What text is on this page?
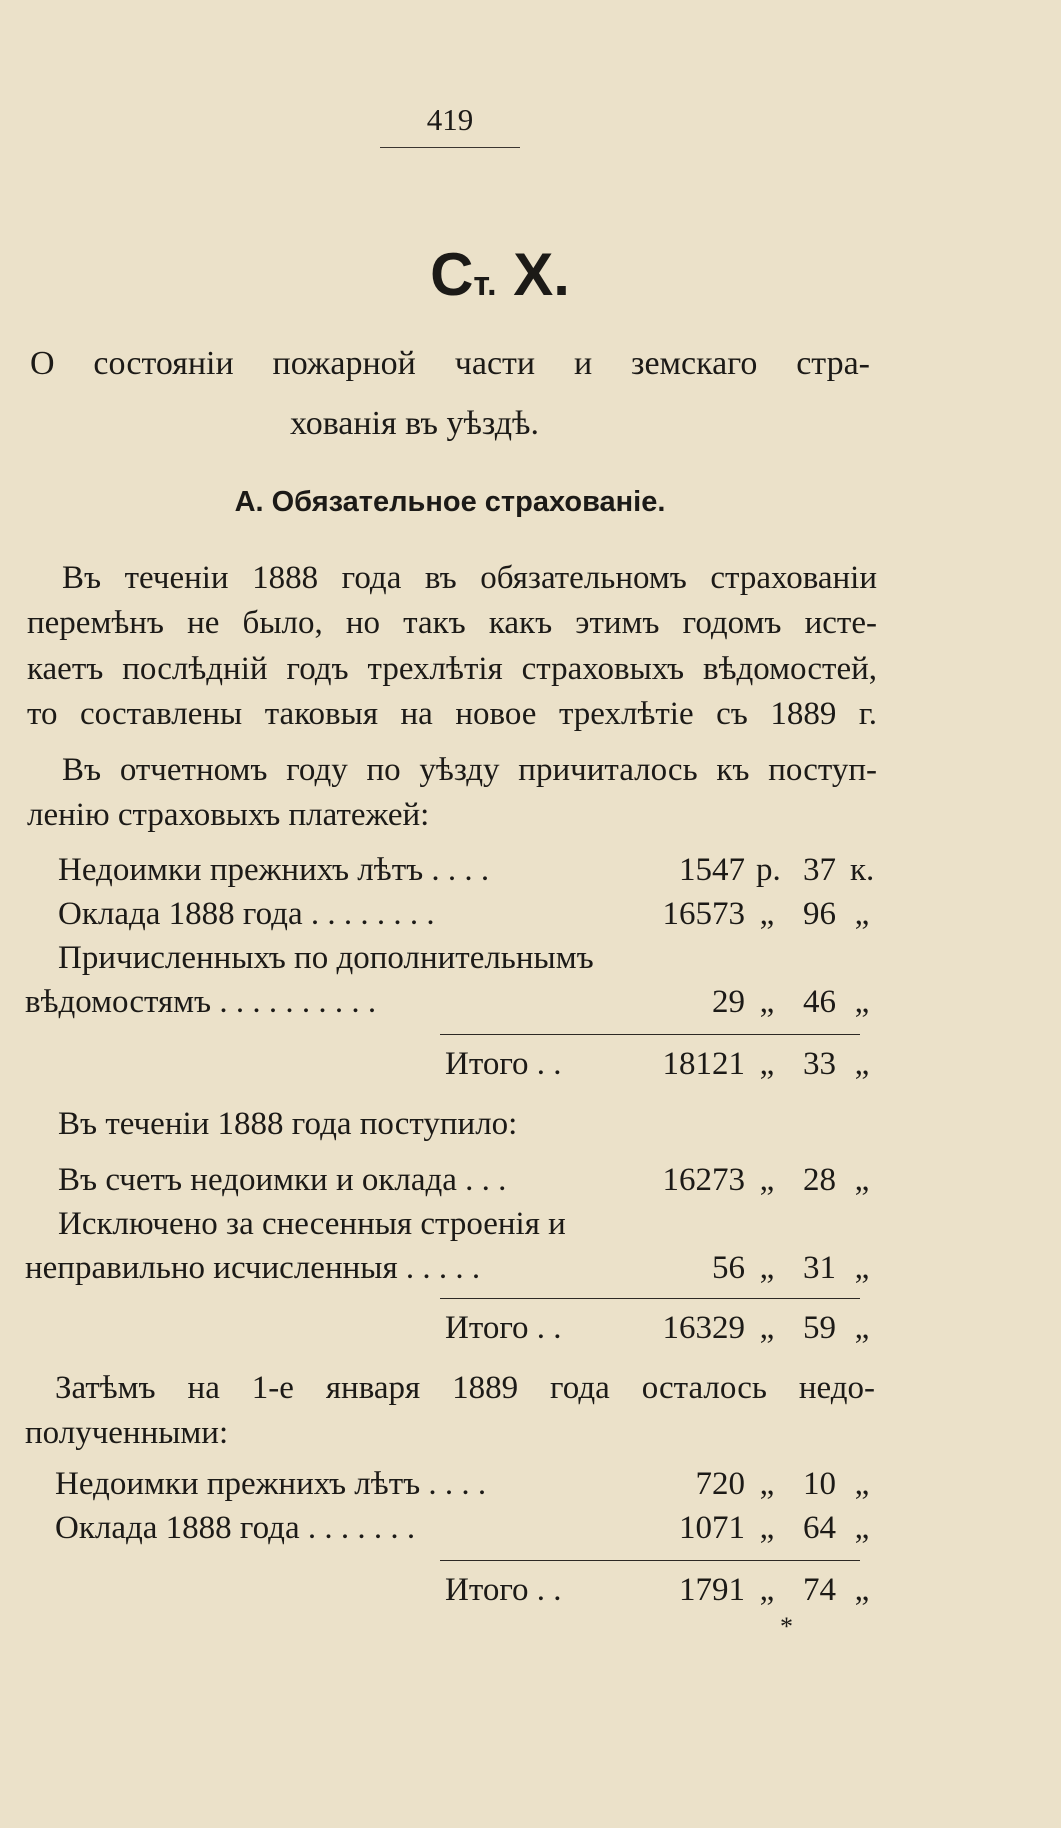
419
Ст. X.
О состоянiи пожарной части и земскаго стра-
хованiя въ уѣздѣ.
А. Обязательное страхованiе.
Въ теченiи 1888 года въ обязательномъ страхованiи
перемѣнъ не было, но такъ какъ этимъ годомъ исте-
каетъ послѣднiй годъ трехлѣтiя страховыхъ вѣдомостей,
то составлены таковыя на новое трехлѣтiе съ 1889 г.
Въ отчетномъ году по уѣзду причиталось къ поступ-
ленiю страховыхъ платежей:
Недоимки прежнихъ лѣтъ . . . .	1547 р. 37 к.
Оклада 1888 года . . . . . . . .	16573 „ 96 „
Причисленныхъ по дополнительнымъ
вѣдомостямъ . . . . . . . . . .	29 „ 46 „
Итого . .	18121 „ 33 „
Въ теченiи 1888 года поступило:
Въ счетъ недоимки и оклада . . .	16273 „ 28 „
Исключено за снесенныя строенiя и
неправильно исчисленныя . . . . .	56 „ 31 „
Итого . .	16329 „ 59 „
Затѣмъ на 1-е января 1889 года осталось недо-
полученными:
Недоимки прежнихъ лѣтъ . . . .	720 „ 10 „
Оклада 1888 года . . . . . . .	1071 „ 64 „
Итого . .	1791 „ 74 „
*
